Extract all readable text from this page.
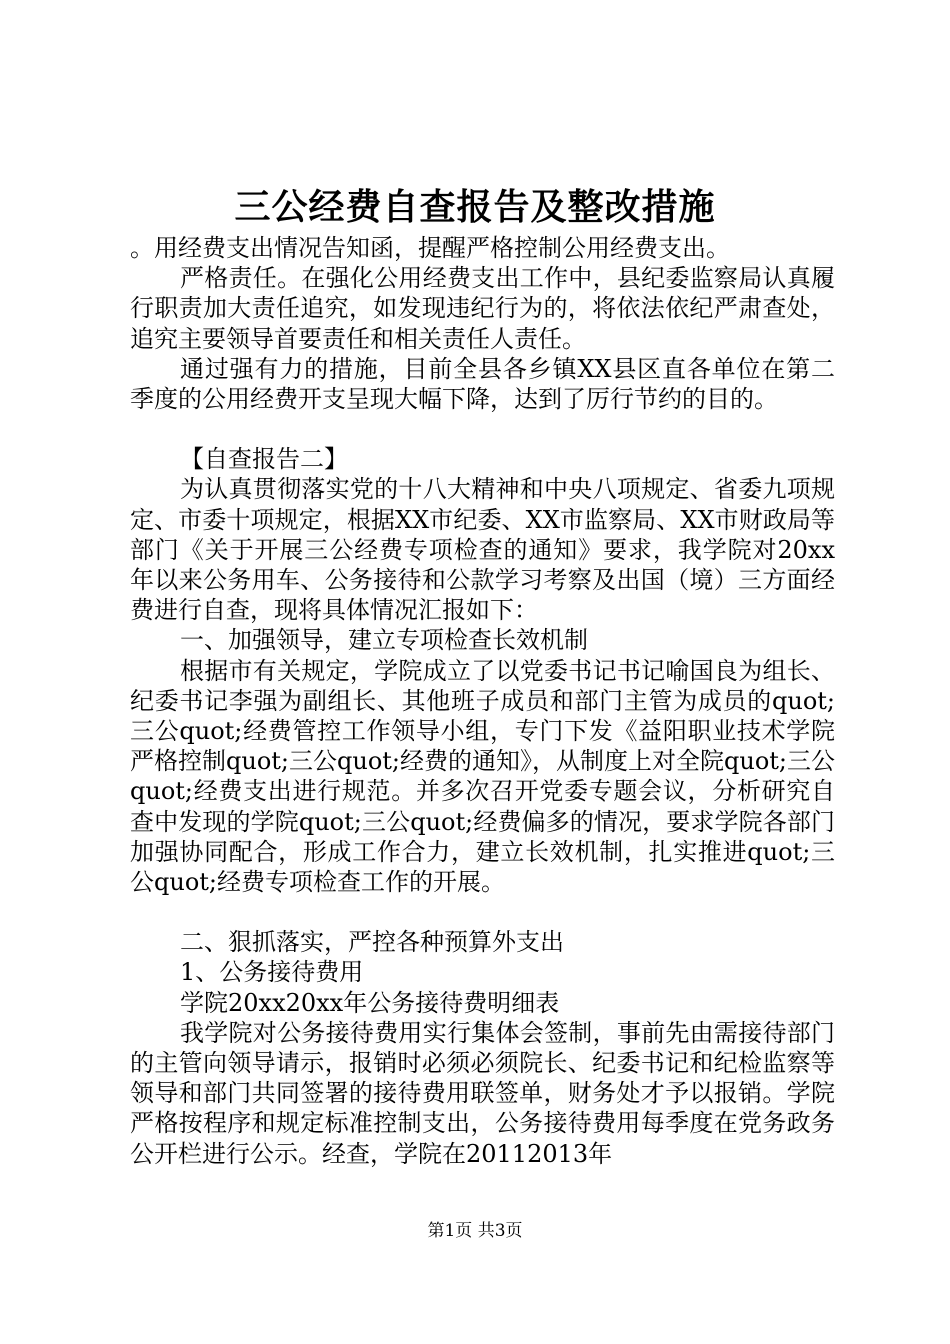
三公经费自查报告及整改措施

。用经费支出情况告知函，提醒严格控制公用经费支出。

严格责任。在强化公用经费支出工作中，县纪委监察局认真履行职责加大责任追究，如发现违纪行为的，将依法依纪严肃查处，追究主要领导首要责任和相关责任人责任。

通过强有力的措施，目前全县各乡镇XX县区直各单位在第二季度的公用经费开支呈现大幅下降，达到了厉行节约的目的。

【自查报告二】

为认真贯彻落实党的十八大精神和中央八项规定、省委九项规定、市委十项规定，根据XX市纪委、XX市监察局、XX市财政局等部门《关于开展三公经费专项检查的通知》要求，我学院对20xx年以来公务用车、公务接待和公款学习考察及出国（境）三方面经费进行自查，现将具体情况汇报如下：

一、加强领导，建立专项检查长效机制

根据市有关规定，学院成立了以党委书记书记喻国良为组长、纪委书记李强为副组长、其他班子成员和部门主管为成员的quot;三公quot;经费管控工作领导小组，专门下发《益阳职业技术学院严格控制quot;三公quot;经费的通知》，从制度上对全院quot;三公quot;经费支出进行规范。并多次召开党委专题会议，分析研究自查中发现的学院quot;三公quot;经费偏多的情况，要求学院各部门加强协同配合，形成工作合力，建立长效机制，扎实推进quot;三公quot;经费专项检查工作的开展。

二、狠抓落实，严控各种预算外支出

1、公务接待费用

学院20xx20xx年公务接待费明细表

我学院对公务接待费用实行集体会签制，事前先由需接待部门的主管向领导请示，报销时必须必须院长、纪委书记和纪检监察等领导和部门共同签署的接待费用联签单，财务处才予以报销。学院严格按程序和规定标准控制支出，公务接待费用每季度在党务政务公开栏进行公示。经查，学院在20112013年

第1页 共3页
